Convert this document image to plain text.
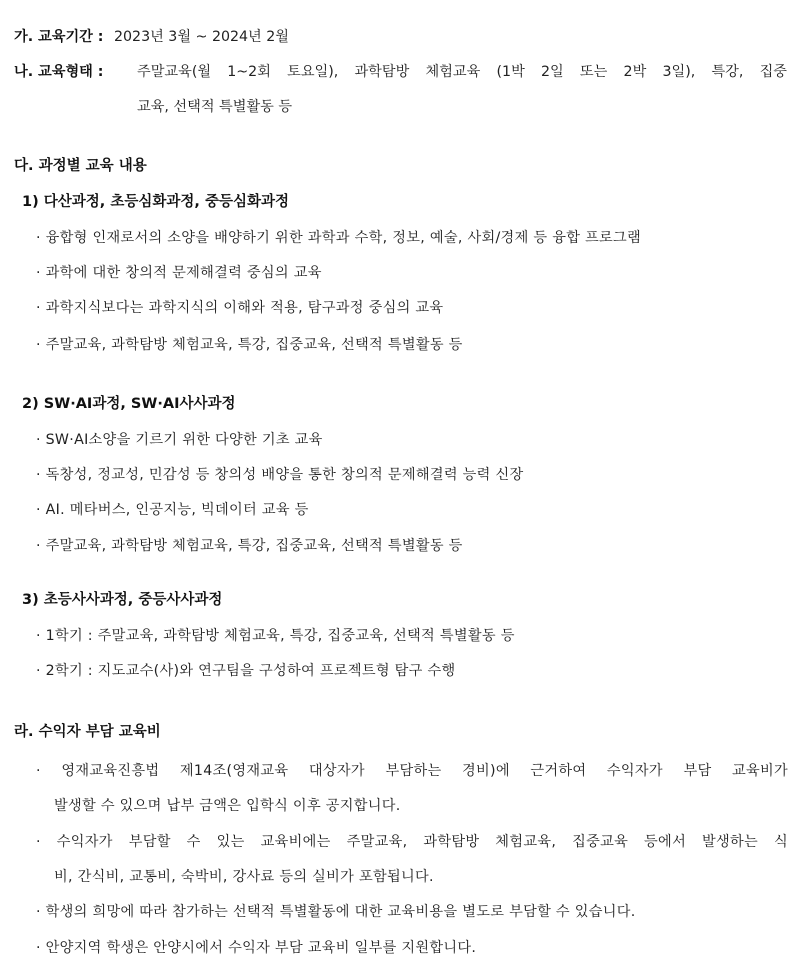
가. 교육기간 : 2023년 3월 ~ 2024년 2월
나. 교육형태 : 주말교육(월 1~2회 토요일), 과학탐방 체험교육 (1박 2일 또는 2박 3일), 특강, 집중
교육, 선택적 특별활동 등
다. 과정별 교육 내용
1) 다산과정, 초등심화과정, 중등심화과정
· 융합형 인재로서의 소양을 배양하기 위한 과학과 수학, 정보, 예술, 사회/경제 등 융합 프로그램
· 과학에 대한 창의적 문제해결력 중심의 교육
· 과학지식보다는 과학지식의 이해와 적용, 탐구과정 중심의 교육
· 주말교육, 과학탐방 체험교육, 특강, 집중교육, 선택적 특별활동 등
2) SW·AI과정, SW·AI사사과정
· SW·AI소양을 기르기 위한 다양한 기초 교육
· 독창성, 정교성, 민감성 등 창의성 배양을 통한 창의적 문제해결력 능력 신장
· AI. 메타버스, 인공지능, 빅데이터 교육 등
· 주말교육, 과학탐방 체험교육, 특강, 집중교육, 선택적 특별활동 등
3) 초등사사과정, 중등사사과정
· 1학기 : 주말교육, 과학탐방 체험교육, 특강, 집중교육, 선택적 특별활동 등
· 2학기 : 지도교수(사)와 연구팀을 구성하여 프로젝트형 탐구 수행
라. 수익자 부담 교육비
· 영재교육진흥법 제14조(영재교육 대상자가 부담하는 경비)에 근거하여 수익자가 부담 교육비가
발생할 수 있으며 납부 금액은 입학식 이후 공지합니다.
· 수익자가 부담할 수 있는 교육비에는 주말교육, 과학탐방 체험교육, 집중교육 등에서 발생하는 식
비, 간식비, 교통비, 숙박비, 강사료 등의 실비가 포함됩니다.
· 학생의 희망에 따라 참가하는 선택적 특별활동에 대한 교육비용을 별도로 부담할 수 있습니다.
· 안양지역 학생은 안양시에서 수익자 부담 교육비 일부를 지원합니다.
